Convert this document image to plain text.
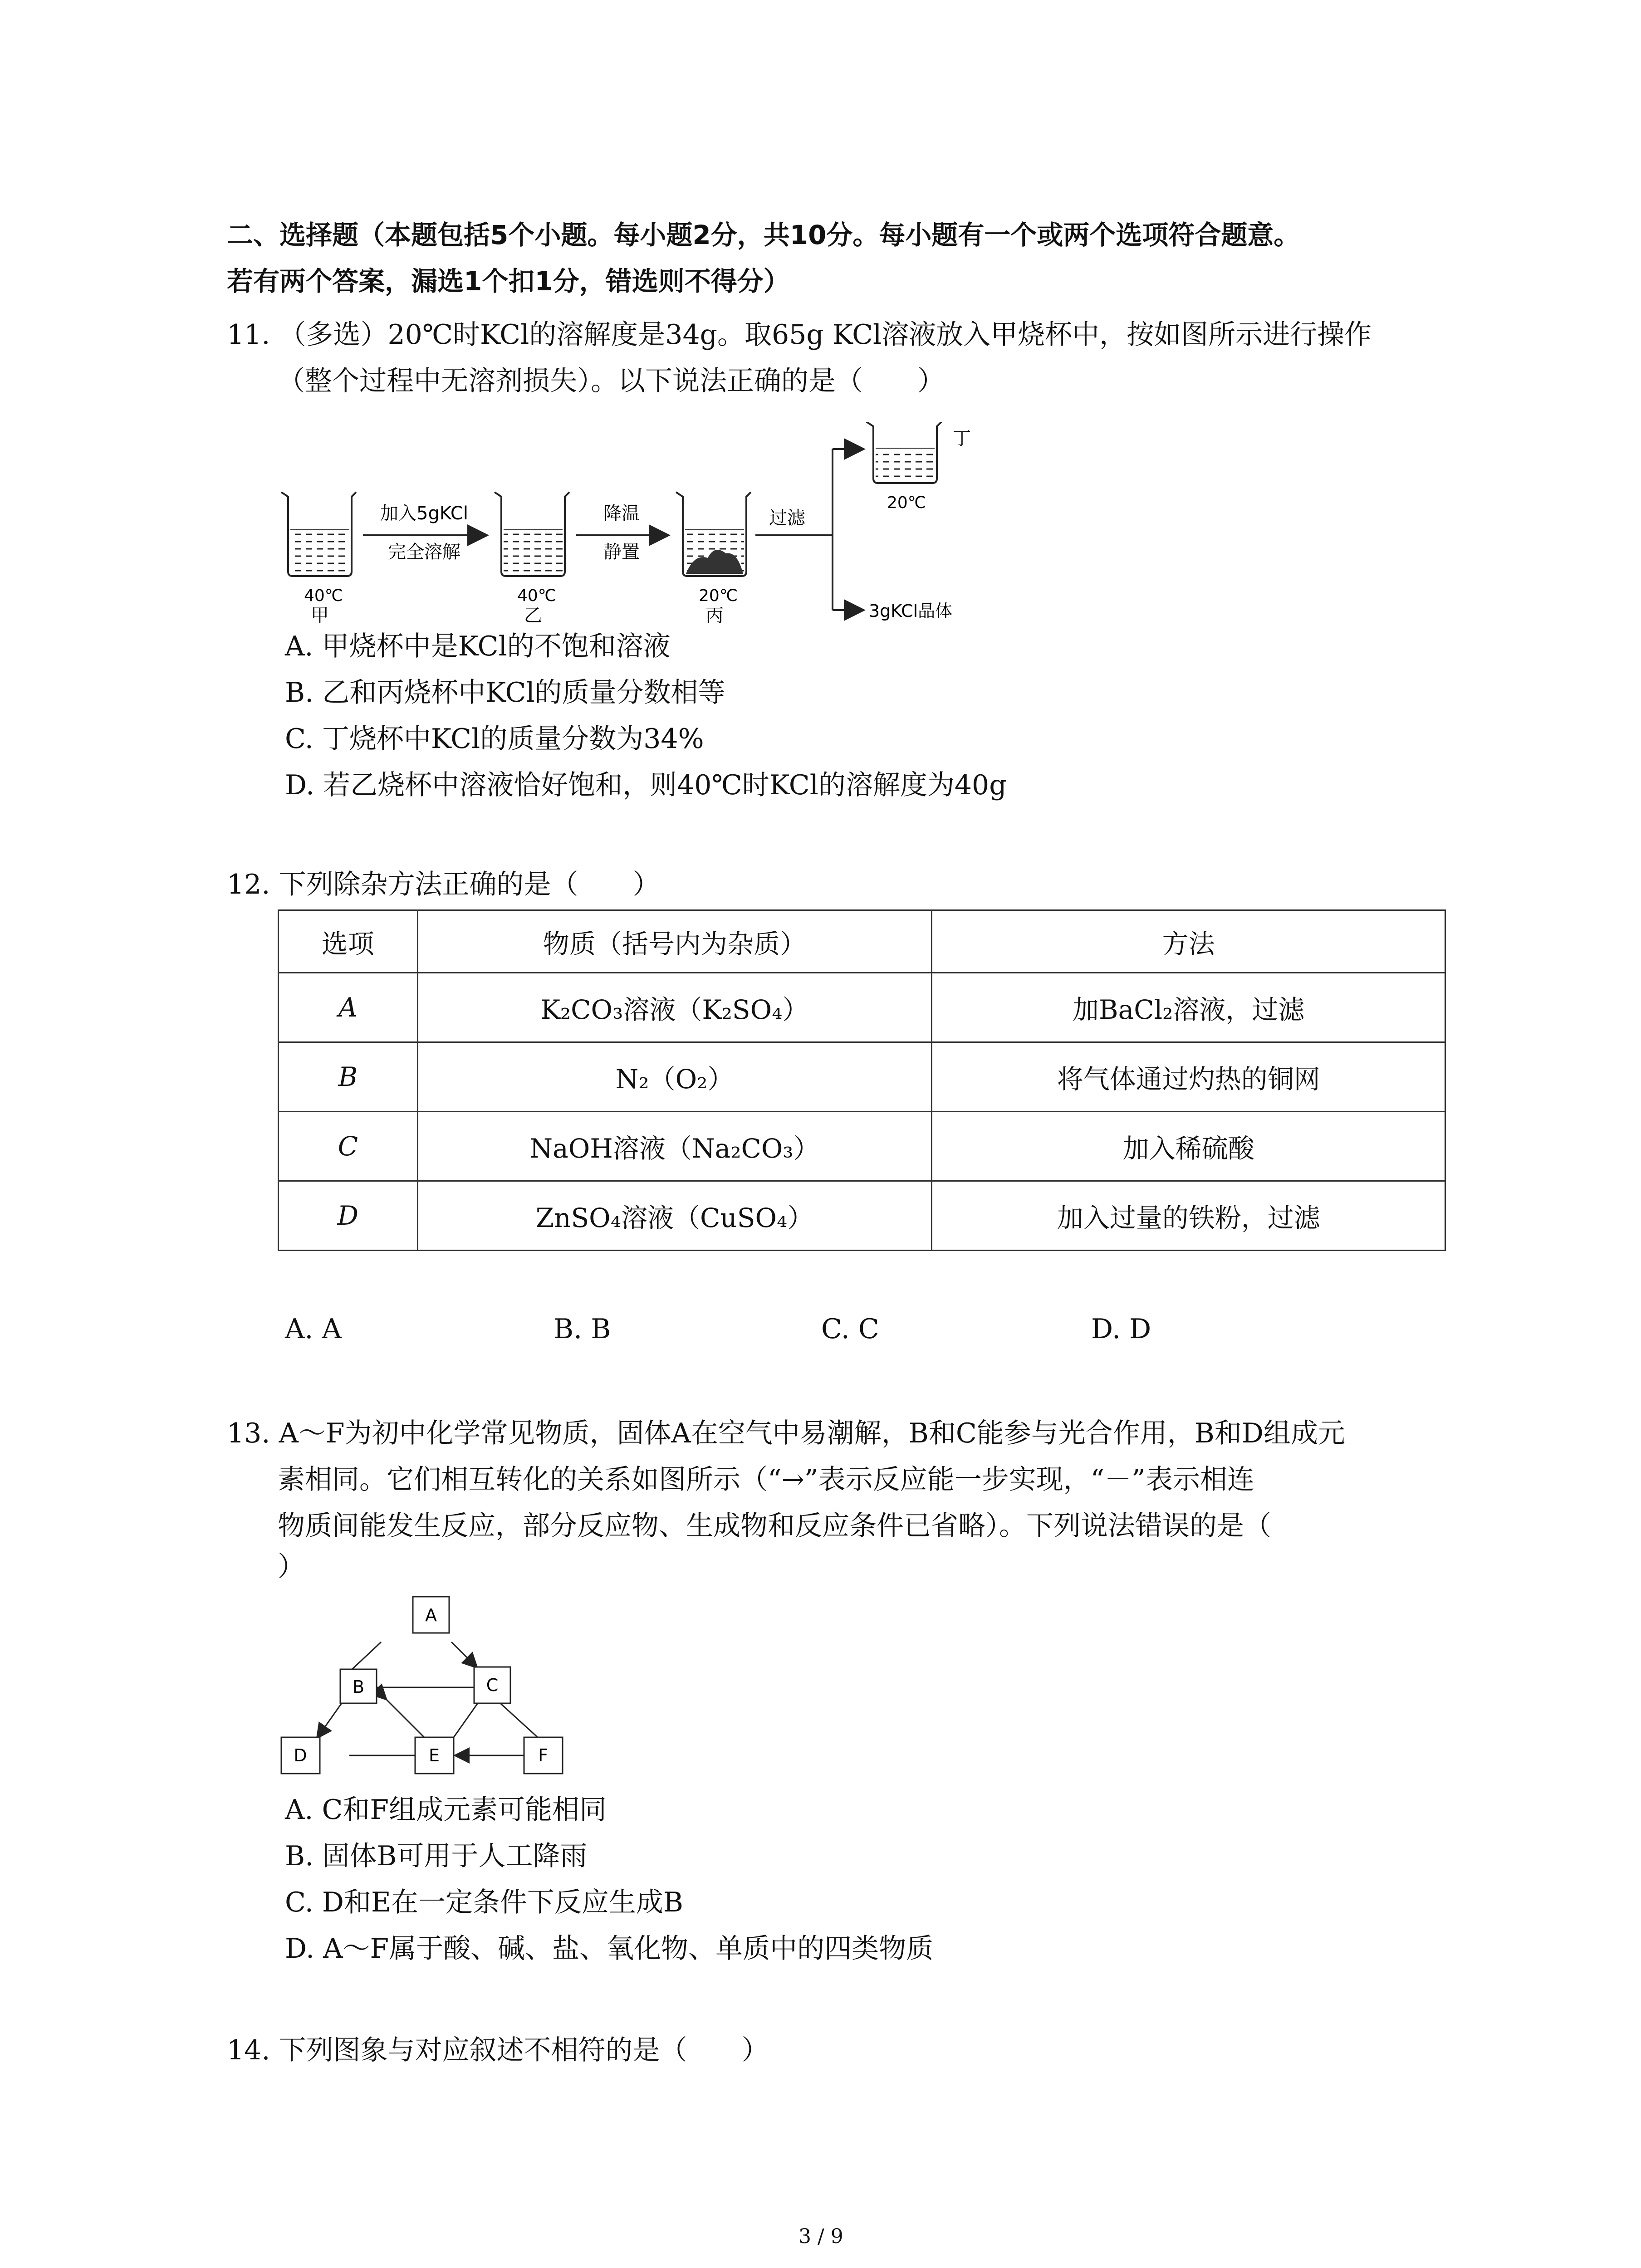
二、选择题（本题包括5个小题。每小题2分，共10分。每小题有一个或两个选项符合题意。
若有两个答案，漏选1个扣1分，错选则不得分）
11. （多选）20℃时KCl的溶解度是34g。取65g KCl溶液放入甲烧杯中，按如图所示进行操作
（整个过程中无溶剂损失）。以下说法正确的是（　　）
40℃
甲
加入5gKCl
完全溶解
40℃
乙
降温
静置
20℃
丙
过滤
丁
20℃
3gKCl晶体
A. 甲烧杯中是KCl的不饱和溶液
B. 乙和丙烧杯中KCl的质量分数相等
C. 丁烧杯中KCl的质量分数为34%
D. 若乙烧杯中溶液恰好饱和，则40℃时KCl的溶解度为40g
12. 下列除杂方法正确的是（　　）
选项	物质（括号内为杂质）	方法
A	K₂CO₃溶液（K₂SO₄）	加BaCl₂溶液，过滤
B	N₂（O₂）	将气体通过灼热的铜网
C	NaOH溶液（Na₂CO₃）	加入稀硫酸
D	ZnSO₄溶液（CuSO₄）	加入过量的铁粉，过滤
A. A	B. B	C. C	D. D
13. A～F为初中化学常见物质，固体A在空气中易潮解，B和C能参与光合作用，B和D组成元
素相同。它们相互转化的关系如图所示（“→”表示反应能一步实现，“－”表示相连
物质间能发生反应，部分反应物、生成物和反应条件已省略）。下列说法错误的是（
）
A
B	C
D	E	F
A. C和F组成元素可能相同
B. 固体B可用于人工降雨
C. D和E在一定条件下反应生成B
D. A～F属于酸、碱、盐、氧化物、单质中的四类物质
14. 下列图象与对应叙述不相符的是（　　）
3 / 9
